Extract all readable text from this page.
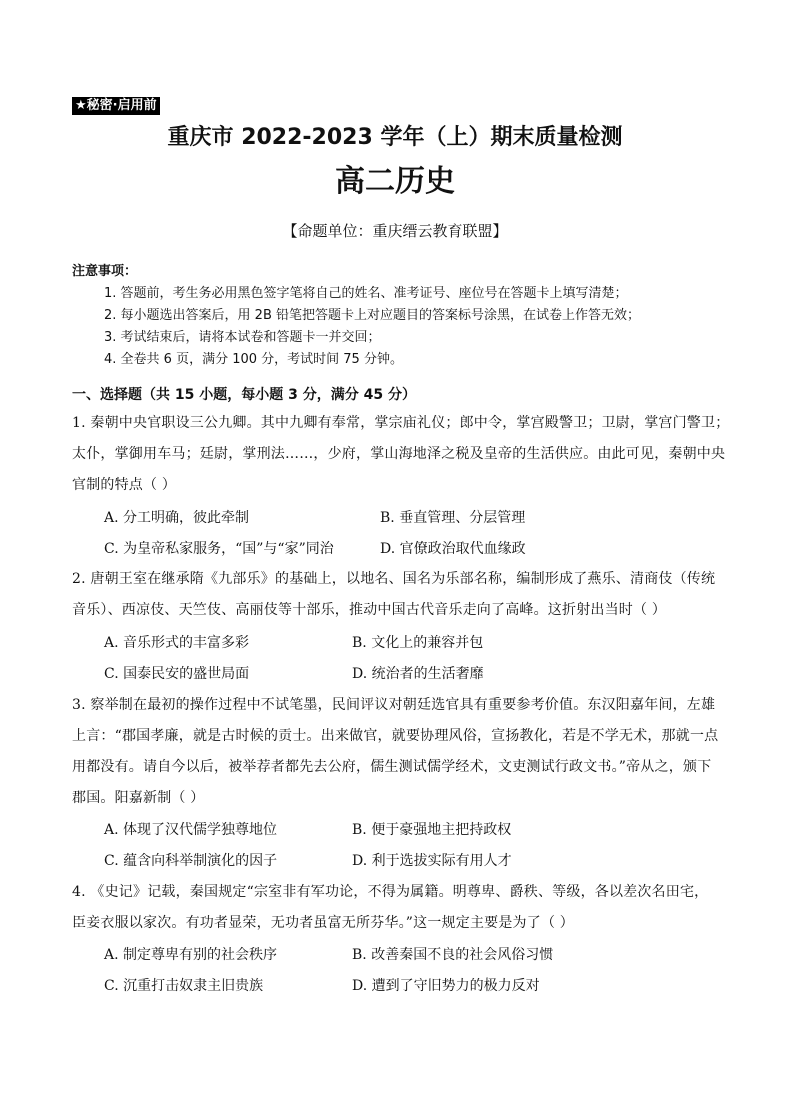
★秘密·启用前
重庆市 2022-2023 学年（上）期末质量检测
高二历史
【命题单位：重庆缙云教育联盟】
注意事项：
1. 答题前，考生务必用黑色签字笔将自己的姓名、准考证号、座位号在答题卡上填写清楚；
2. 每小题选出答案后，用 2B 铅笔把答题卡上对应题目的答案标号涂黑，在试卷上作答无效；
3. 考试结束后，请将本试卷和答题卡一并交回；
4. 全卷共 6 页，满分 100 分，考试时间 75 分钟。
一、选择题（共 15 小题，每小题 3 分，满分 45 分）
1. 秦朝中央官职设三公九卿。其中九卿有奉常，掌宗庙礼仪；郎中令，掌宫殿警卫；卫尉，掌宫门警卫；
太仆，掌御用车马；廷尉，掌刑法……，少府，掌山海地泽之税及皇帝的生活供应。由此可见，秦朝中央
官制的特点（ ）
A. 分工明确，彼此牵制	B. 垂直管理、分层管理
C. 为皇帝私家服务，“国”与“家”同治	D. 官僚政治取代血缘政
2. 唐朝王室在继承隋《九部乐》的基础上，以地名、国名为乐部名称，编制形成了燕乐、清商伎（传统
音乐）、西凉伎、天竺伎、高丽伎等十部乐，推动中国古代音乐走向了高峰。这折射出当时（ ）
A. 音乐形式的丰富多彩	B. 文化上的兼容并包
C. 国泰民安的盛世局面	D. 统治者的生活奢靡
3. 察举制在最初的操作过程中不试笔墨，民间评议对朝廷选官具有重要参考价值。东汉阳嘉年间，左雄
上言：“郡国孝廉，就是古时候的贡士。出来做官，就要协理风俗，宣扬教化，若是不学无术，那就一点
用都没有。请自今以后，被举荐者都先去公府，儒生测试儒学经术，文吏测试行政文书。”帝从之，颁下
郡国。阳嘉新制（ ）
A. 体现了汉代儒学独尊地位	B. 便于豪强地主把持政权
C. 蕴含向科举制演化的因子	D. 利于选拔实际有用人才
4. 《史记》记载，秦国规定“宗室非有军功论，不得为属籍。明尊卑、爵秩、等级，各以差次名田宅，
臣妾衣服以家次。有功者显荣，无功者虽富无所芬华。”这一规定主要是为了（ ）
A. 制定尊卑有别的社会秩序	B. 改善秦国不良的社会风俗习惯
C. 沉重打击奴隶主旧贵族	D. 遭到了守旧势力的极力反对
